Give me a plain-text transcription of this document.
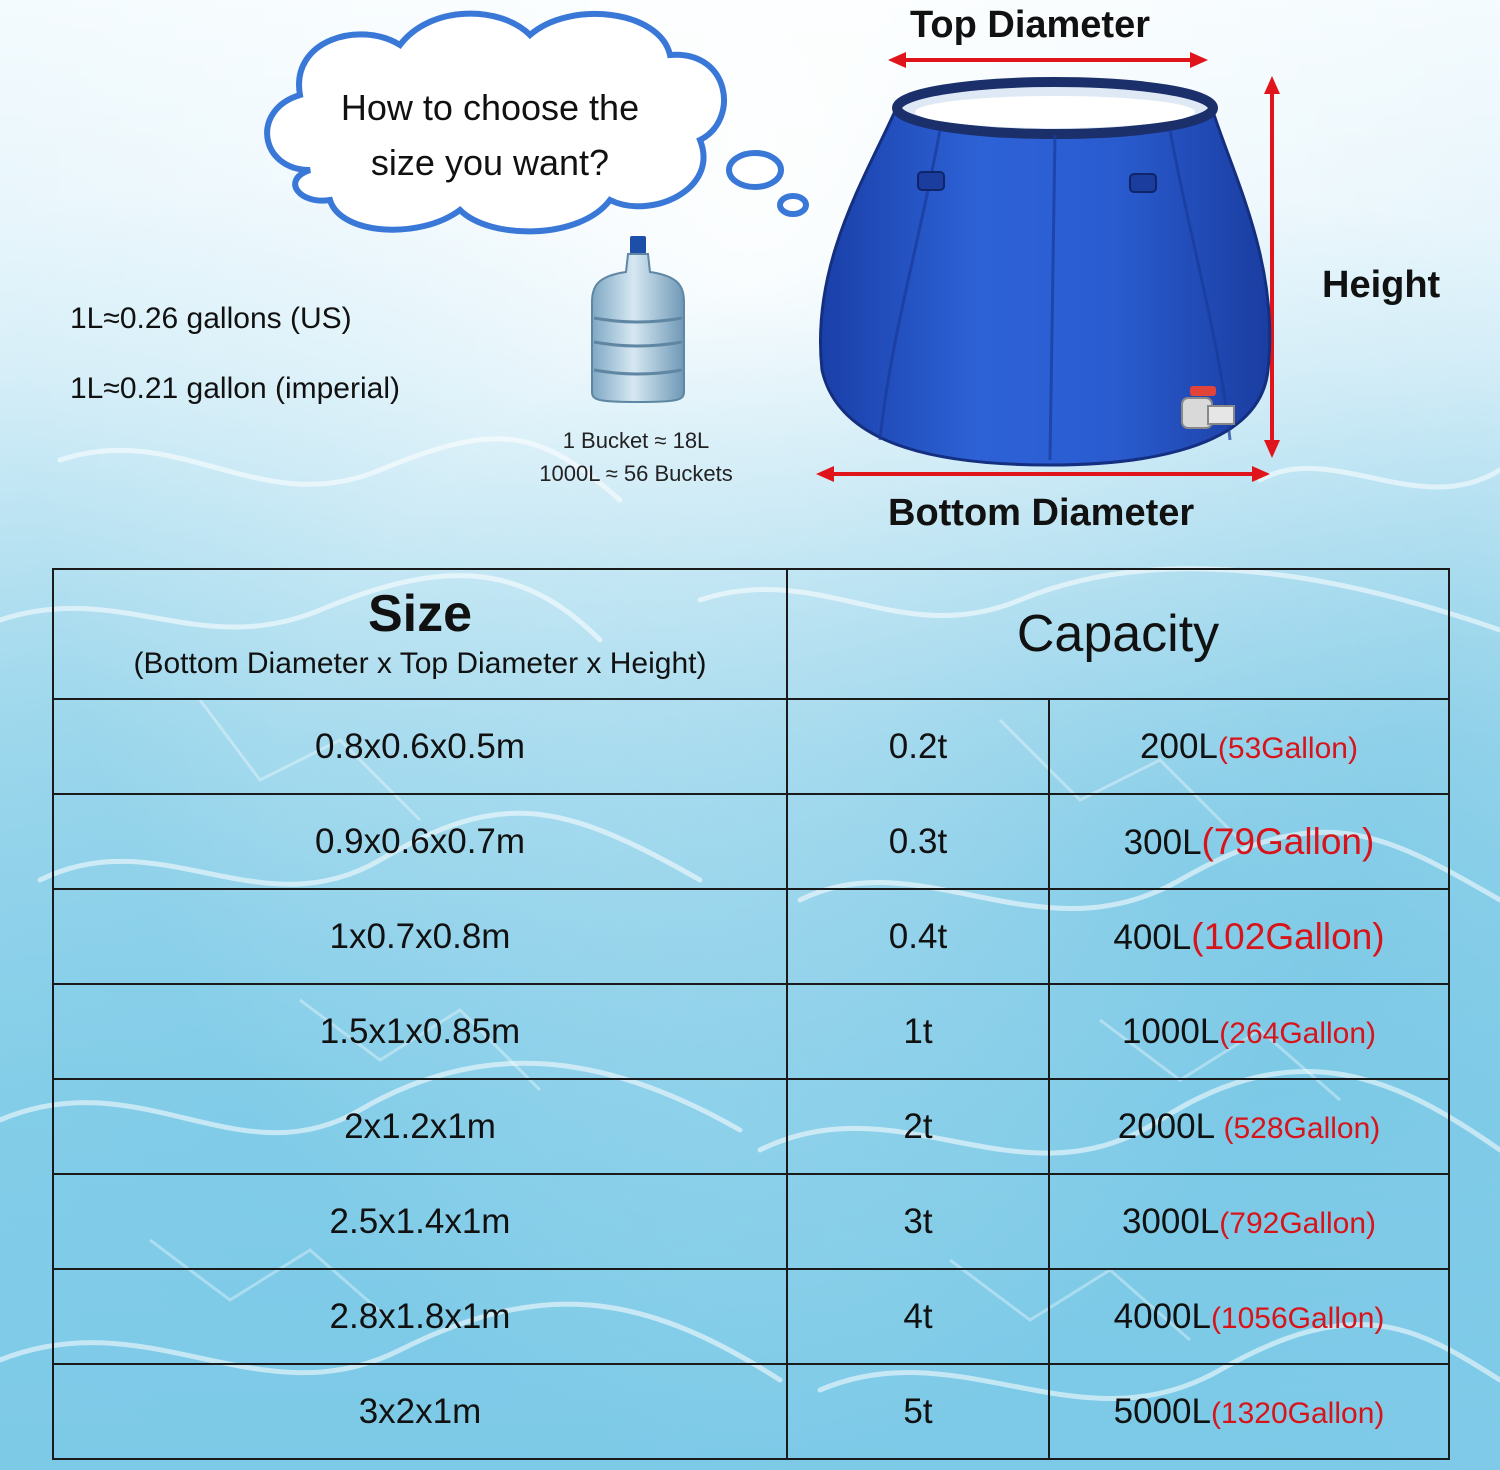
How to choose the
size you want?
1L≈0.26 gallons (US)
1L≈0.21 gallon (imperial)
1 Bucket ≈ 18L
1000L ≈ 56 Buckets
Top Diameter
Height
Bottom Diameter
Size
(Bottom Diameter x Top Diameter x Height)	Capacity	
0.8x0.6x0.5m	0.2t	200L(53Gallon)
0.9x0.6x0.7m	0.3t	300L(79Gallon)
1x0.7x0.8m	0.4t	400L(102Gallon)
1.5x1x0.85m	1t	1000L(264Gallon)
2x1.2x1m	2t	2000L (528Gallon)
2.5x1.4x1m	3t	3000L(792Gallon)
2.8x1.8x1m	4t	4000L(1056Gallon)
3x2x1m	5t	5000L(1320Gallon)
